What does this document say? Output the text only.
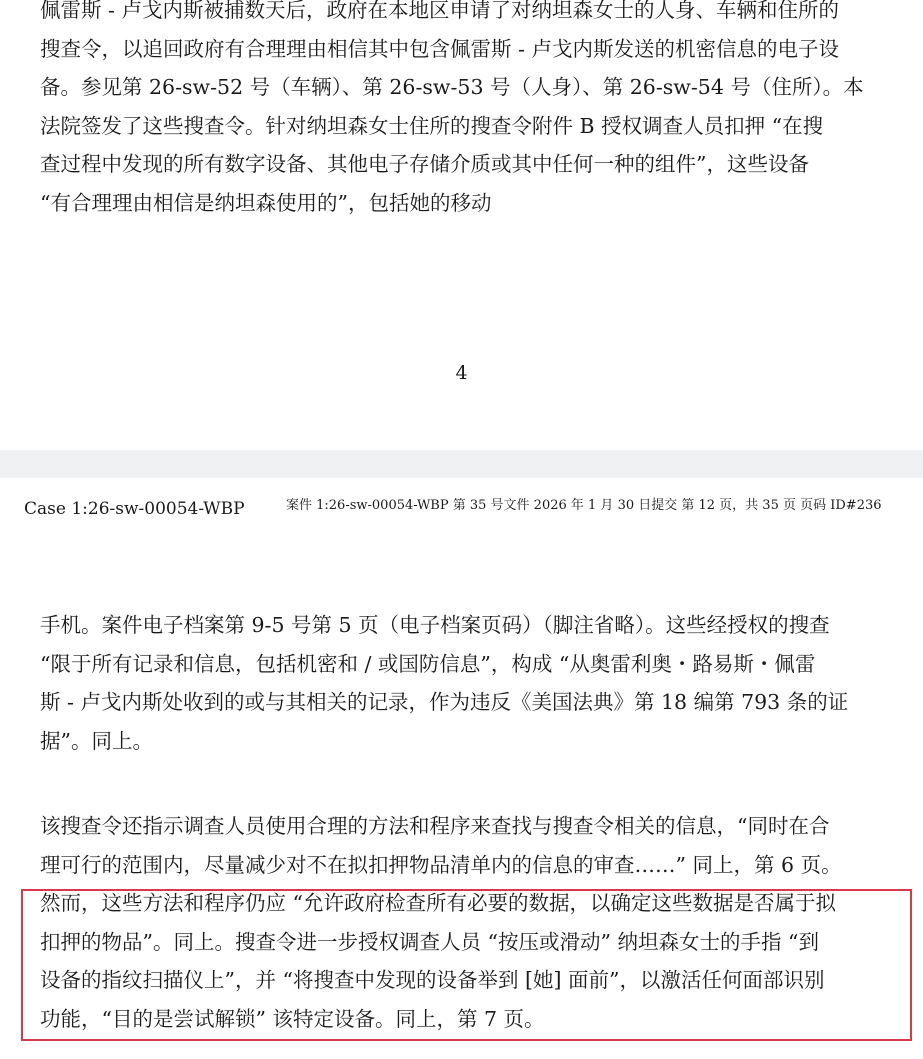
佩雷斯 - 卢戈内斯被捕数天后，政府在本地区申请了对纳坦森女士的人身、车辆和住所的
搜查令，以追回政府有合理理由相信其中包含佩雷斯 - 卢戈内斯发送的机密信息的电子设
备。参见第 26-sw-52 号（车辆）、第 26-sw-53 号（人身）、第 26-sw-54 号（住所）。本
法院签发了这些搜查令。针对纳坦森女士住所的搜查令附件 B 授权调查人员扣押 “在搜
查过程中发现的所有数字设备、其他电子存储介质或其中任何一种的组件”，这些设备
“有合理理由相信是纳坦森使用的”，包括她的移动

4
Case 1:26-sw-00054-WBP	案件 1:26-sw-00054-WBP 第 35 号文件 2026 年 1 月 30 日提交 第 12 页，共 35 页 页码 ID#236

手机。案件电子档案第 9-5 号第 5 页（电子档案页码）（脚注省略）。这些经授权的搜查
“限于所有记录和信息，包括机密和 / 或国防信息”，构成 “从奥雷利奥・路易斯・佩雷
斯 - 卢戈内斯处收到的或与其相关的记录，作为违反《美国法典》第 18 编第 793 条的证
据”。同上。

该搜查令还指示调查人员使用合理的方法和程序来查找与搜查令相关的信息，“同时在合
理可行的范围内，尽量减少对不在拟扣押物品清单内的信息的审查……” 同上，第 6 页。
然而，这些方法和程序仍应 “允许政府检查所有必要的数据，以确定这些数据是否属于拟
扣押的物品”。同上。搜查令进一步授权调查人员 “按压或滑动” 纳坦森女士的手指 “到
设备的指纹扫描仪上”，并 “将搜查中发现的设备举到 [她] 面前”，以激活任何面部识别
功能，“目的是尝试解锁” 该特定设备。同上，第 7 页。
